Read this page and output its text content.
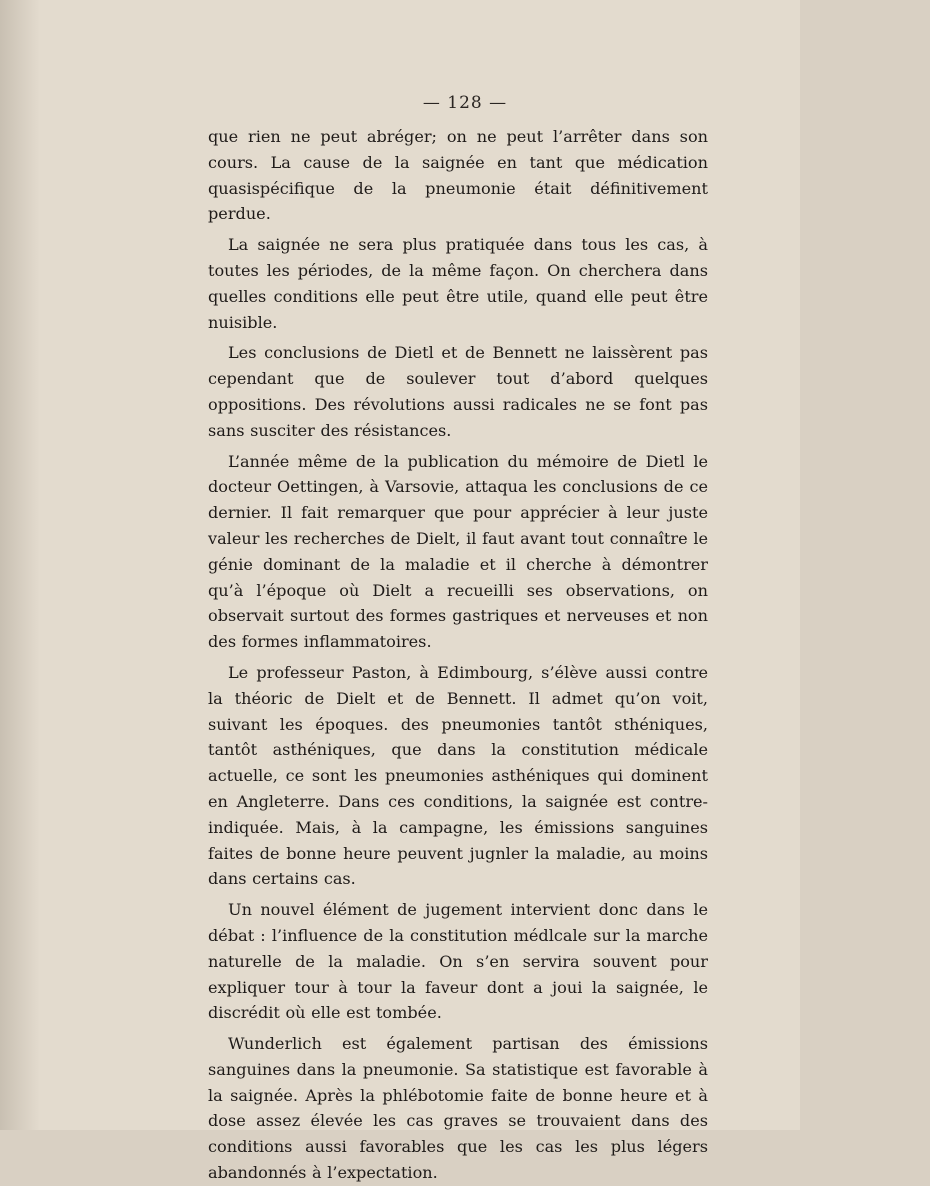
— 128 —

que rien ne peut abréger; on ne peut l’arrêter dans son cours. La cause de la saignée en tant que médication quasispécifique de la pneumonie était définitivement perdue.

La saignée ne sera plus pratiquée dans tous les cas, à toutes les périodes, de la même façon. On cherchera dans quelles conditions elle peut être utile, quand elle peut être nuisible.

Les conclusions de Dietl et de Bennett ne laissèrent pas cependant que de soulever tout d’abord quelques oppositions. Des révolutions aussi radicales ne se font pas sans susciter des résistances.

L’année même de la publication du mémoire de Dietl le docteur Oettingen, à Varsovie, attaqua les conclusions de ce dernier. Il fait remarquer que pour apprécier à leur juste valeur les recherches de Dielt, il faut avant tout connaître le génie dominant de la maladie et il cherche à démontrer qu’à l’époque où Dielt a recueilli ses observations, on observait surtout des formes gastriques et nerveuses et non des formes inflammatoires.

Le professeur Paston, à Edimbourg, s’élève aussi contre la théoric de Dielt et de Bennett. Il admet qu’on voit, suivant les époques. des pneumonies tantôt sthéniques, tantôt asthéniques, que dans la constitution médicale actuelle, ce sont les pneumonies asthéniques qui dominent en Angleterre. Dans ces conditions, la saignée est contre-indiquée. Mais, à la campagne, les émissions sanguines faites de bonne heure peuvent jugnler la maladie, au moins dans certains cas.

Un nouvel élément de jugement intervient donc dans le débat : l’influence de la constitution médlcale sur la marche naturelle de la maladie. On s’en servira souvent pour expliquer tour à tour la faveur dont a joui la saignée, le discrédit où elle est tombée.

Wunderlich est également partisan des émissions sanguines dans la pneumonie. Sa statistique est favorable à la saignée. Après la phlébotomie faite de bonne heure et à dose assez élevée les cas graves se trouvaient dans des conditions aussi favorables que les cas les plus légers abandonnés à l’expectation.
